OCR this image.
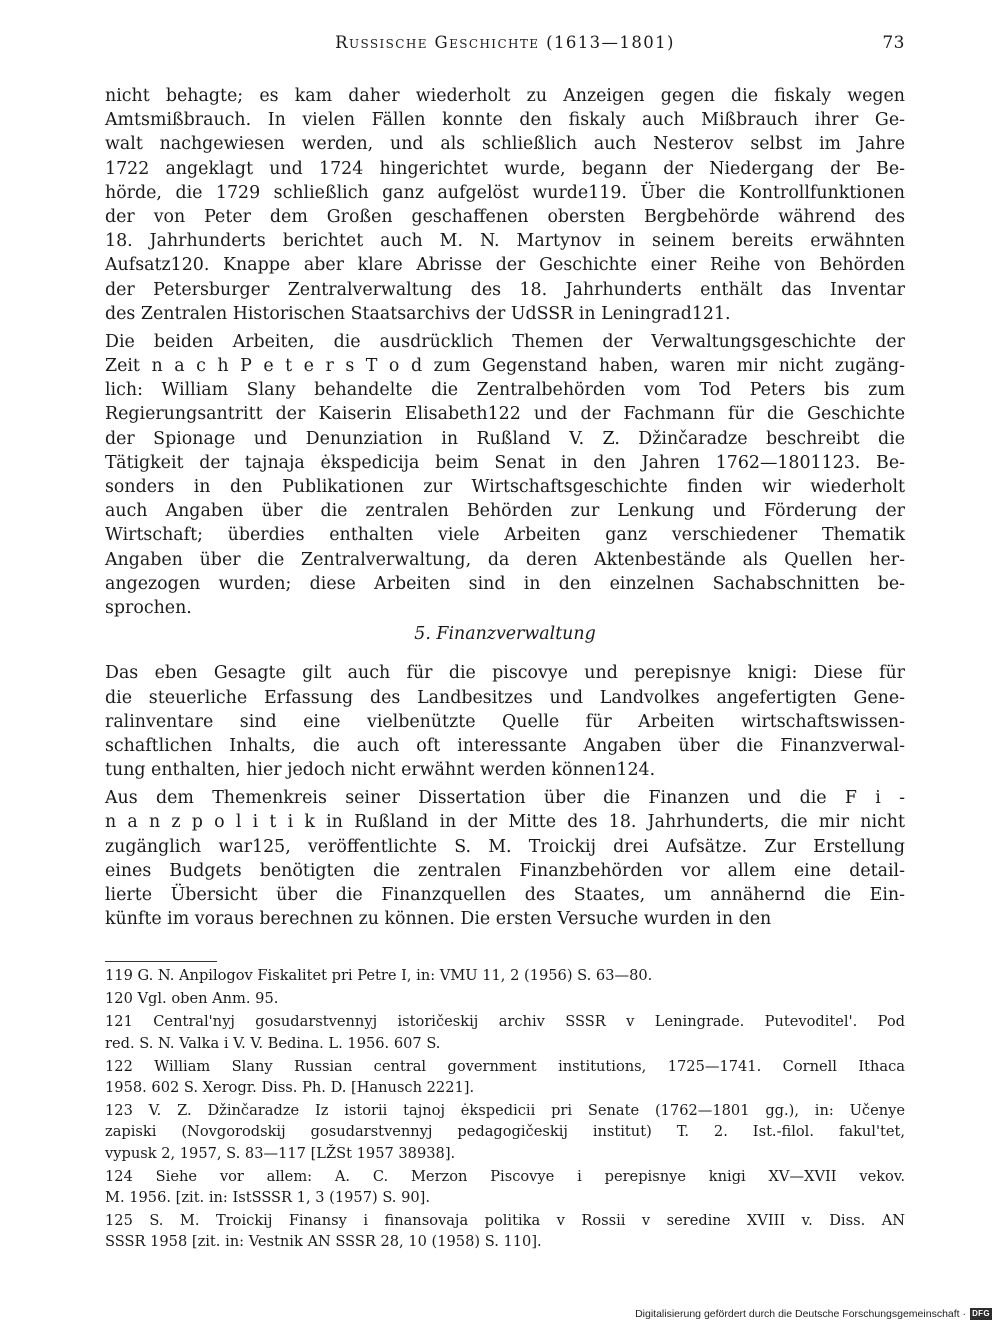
Russische Geschichte (1613—1801)	73
nicht behagte; es kam daher wiederholt zu Anzeigen gegen die fiskaly wegen
Amtsmißbrauch. In vielen Fällen konnte den fiskaly auch Mißbrauch ihrer Ge-
walt nachgewiesen werden, und als schließlich auch Nesterov selbst im Jahre
1722 angeklagt und 1724 hingerichtet wurde, begann der Niedergang der Be-
hörde, die 1729 schließlich ganz aufgelöst wurde119. Über die Kontrollfunktionen
der von Peter dem Großen geschaffenen obersten Bergbehörde während des
18. Jahrhunderts berichtet auch M. N. Martynov in seinem bereits erwähnten
Aufsatz120. Knappe aber klare Abrisse der Geschichte einer Reihe von Behörden
der Petersburger Zentralverwaltung des 18. Jahrhunderts enthält das Inventar
des Zentralen Historischen Staatsarchivs der UdSSR in Leningrad121.
Die beiden Arbeiten, die ausdrücklich Themen der Verwaltungsgeschichte der
Zeit n a c h P e t e r s T o d zum Gegenstand haben, waren mir nicht zugäng-
lich: William Slany behandelte die Zentralbehörden vom Tod Peters bis zum
Regierungsantritt der Kaiserin Elisabeth122 und der Fachmann für die Geschichte
der Spionage und Denunziation in Rußland V. Z. Džinčaradze beschreibt die
Tätigkeit der tajnaja ėkspedicija beim Senat in den Jahren 1762—1801123. Be-
sonders in den Publikationen zur Wirtschaftsgeschichte finden wir wiederholt
auch Angaben über die zentralen Behörden zur Lenkung und Förderung der
Wirtschaft; überdies enthalten viele Arbeiten ganz verschiedener Thematik
Angaben über die Zentralverwaltung, da deren Aktenbestände als Quellen her-
angezogen wurden; diese Arbeiten sind in den einzelnen Sachabschnitten be-
sprochen.
5. Finanzverwaltung
Das eben Gesagte gilt auch für die piscovye und perepisnye knigi: Diese für
die steuerliche Erfassung des Landbesitzes und Landvolkes angefertigten Gene-
ralinventare sind eine vielbenützte Quelle für Arbeiten wirtschaftswissen-
schaftlichen Inhalts, die auch oft interessante Angaben über die Finanzverwal-
tung enthalten, hier jedoch nicht erwähnt werden können124.
Aus dem Themenkreis seiner Dissertation über die Finanzen und die F i -
n a n z p o l i t i k in Rußland in der Mitte des 18. Jahrhunderts, die mir nicht
zugänglich war125, veröffentlichte S. M. Troickij drei Aufsätze. Zur Erstellung
eines Budgets benötigten die zentralen Finanzbehörden vor allem eine detail-
lierte Übersicht über die Finanzquellen des Staates, um annähernd die Ein-
künfte im voraus berechnen zu können. Die ersten Versuche wurden in den
119 G. N. Anpilogov Fiskalitet pri Petre I, in: VMU 11, 2 (1956) S. 63—80.
120 Vgl. oben Anm. 95.
121 Central'nyj gosudarstvennyj istoričeskij archiv SSSR v Leningrade. Putevoditel'. Pod
red. S. N. Valka i V. V. Bedina. L. 1956. 607 S.
122 William Slany Russian central government institutions, 1725—1741. Cornell Ithaca
1958. 602 S. Xerogr. Diss. Ph. D. [Hanusch 2221].
123 V. Z. Džinčaradze Iz istorii tajnoj ėkspedicii pri Senate (1762—1801 gg.), in: Učenye
zapiski (Novgorodskij gosudarstvennyj pedagogičeskij institut) T. 2. Ist.-filol. fakul'tet,
vypusk 2, 1957, S. 83—117 [LŽSt 1957 38938].
124 Siehe vor allem: A. C. Merzon Piscovye i perepisnye knigi XV—XVII vekov.
M. 1956. [zit. in: IstSSSR 1, 3 (1957) S. 90].
125 S. M. Troickij Finansy i finansovaja politika v Rossii v seredine XVIII v. Diss. AN
SSSR 1958 [zit. in: Vestnik AN SSSR 28, 10 (1958) S. 110].
Digitalisierung gefördert durch die Deutsche Forschungsgemeinschaft · DFG
